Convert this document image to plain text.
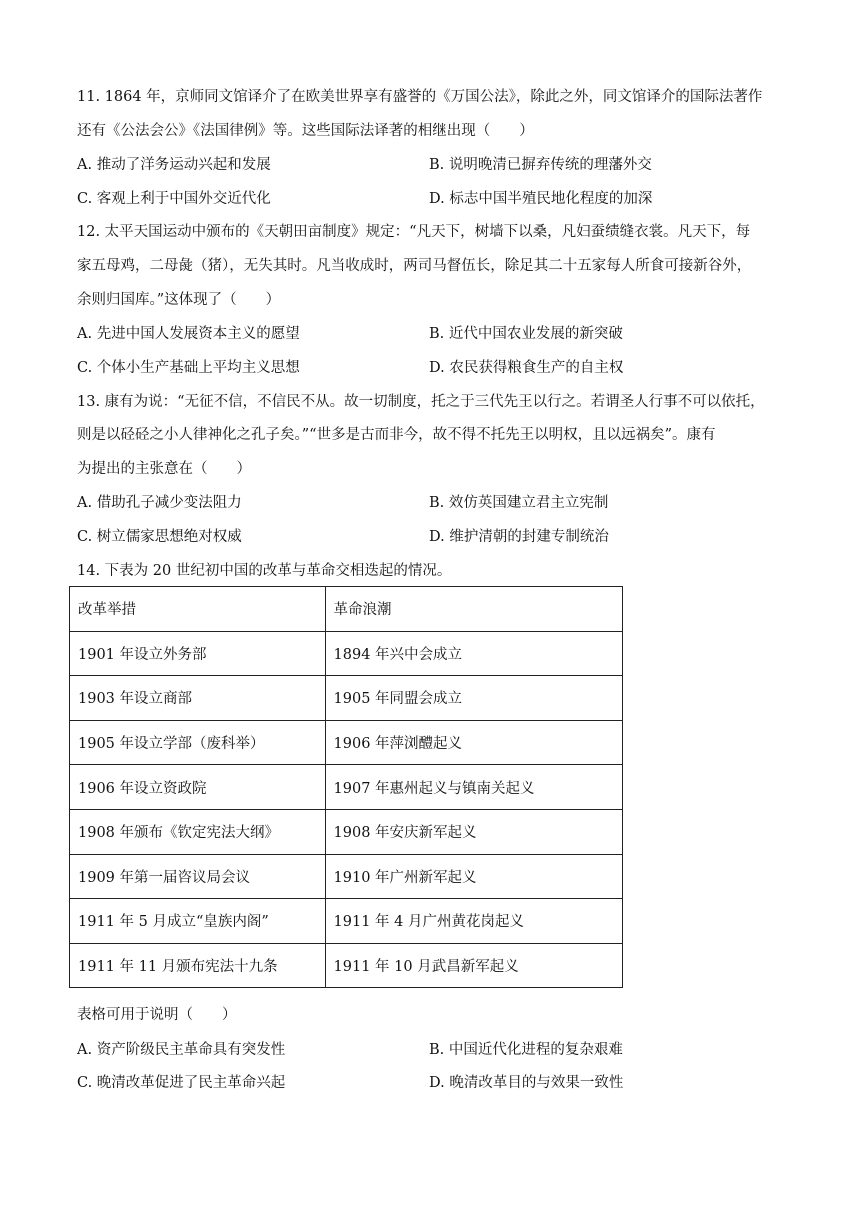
11. 1864 年，京师同文馆译介了在欧美世界享有盛誉的《万国公法》，除此之外，同文馆译介的国际法著作
还有《公法会公》《法国律例》等。这些国际法译著的相继出现（　　）
A. 推动了洋务运动兴起和发展	B. 说明晚清已摒弃传统的理藩外交
C. 客观上利于中国外交近代化	D. 标志中国半殖民地化程度的加深
12. 太平天国运动中颁布的《天朝田亩制度》规定：“凡天下，树墙下以桑，凡妇蚕绩缝衣裳。凡天下，每
家五母鸡，二母彘（猪），无失其时。凡当收成时，两司马督伍长，除足其二十五家每人所食可接新谷外，
余则归国库。”这体现了（　　）
A. 先进中国人发展资本主义的愿望	B. 近代中国农业发展的新突破
C. 个体小生产基础上平均主义思想	D. 农民获得粮食生产的自主权
13. 康有为说：“无征不信，不信民不从。故一切制度，托之于三代先王以行之。若谓圣人行事不可以依托，
则是以硁硁之小人律神化之孔子矣。”“世多是古而非今，故不得不托先王以明权，且以远祸矣”。康有
为提出的主张意在（　　）
A. 借助孔子减少变法阻力	B. 效仿英国建立君主立宪制
C. 树立儒家思想绝对权威	D. 维护清朝的封建专制统治
14. 下表为 20 世纪初中国的改革与革命交相迭起的情况。
改革举措	革命浪潮
1901 年设立外务部	1894 年兴中会成立
1903 年设立商部	1905 年同盟会成立
1905 年设立学部（废科举）	1906 年萍浏醴起义
1906 年设立资政院	1907 年惠州起义与镇南关起义
1908 年颁布《钦定宪法大纲》	1908 年安庆新军起义
1909 年第一届咨议局会议	1910 年广州新军起义
1911 年 5 月成立“皇族内阁”	1911 年 4 月广州黄花岗起义
1911 年 11 月颁布宪法十九条	1911 年 10 月武昌新军起义
表格可用于说明（　　）
A. 资产阶级民主革命具有突发性	B. 中国近代化进程的复杂艰难
C. 晚清改革促进了民主革命兴起	D. 晚清改革目的与效果一致性
